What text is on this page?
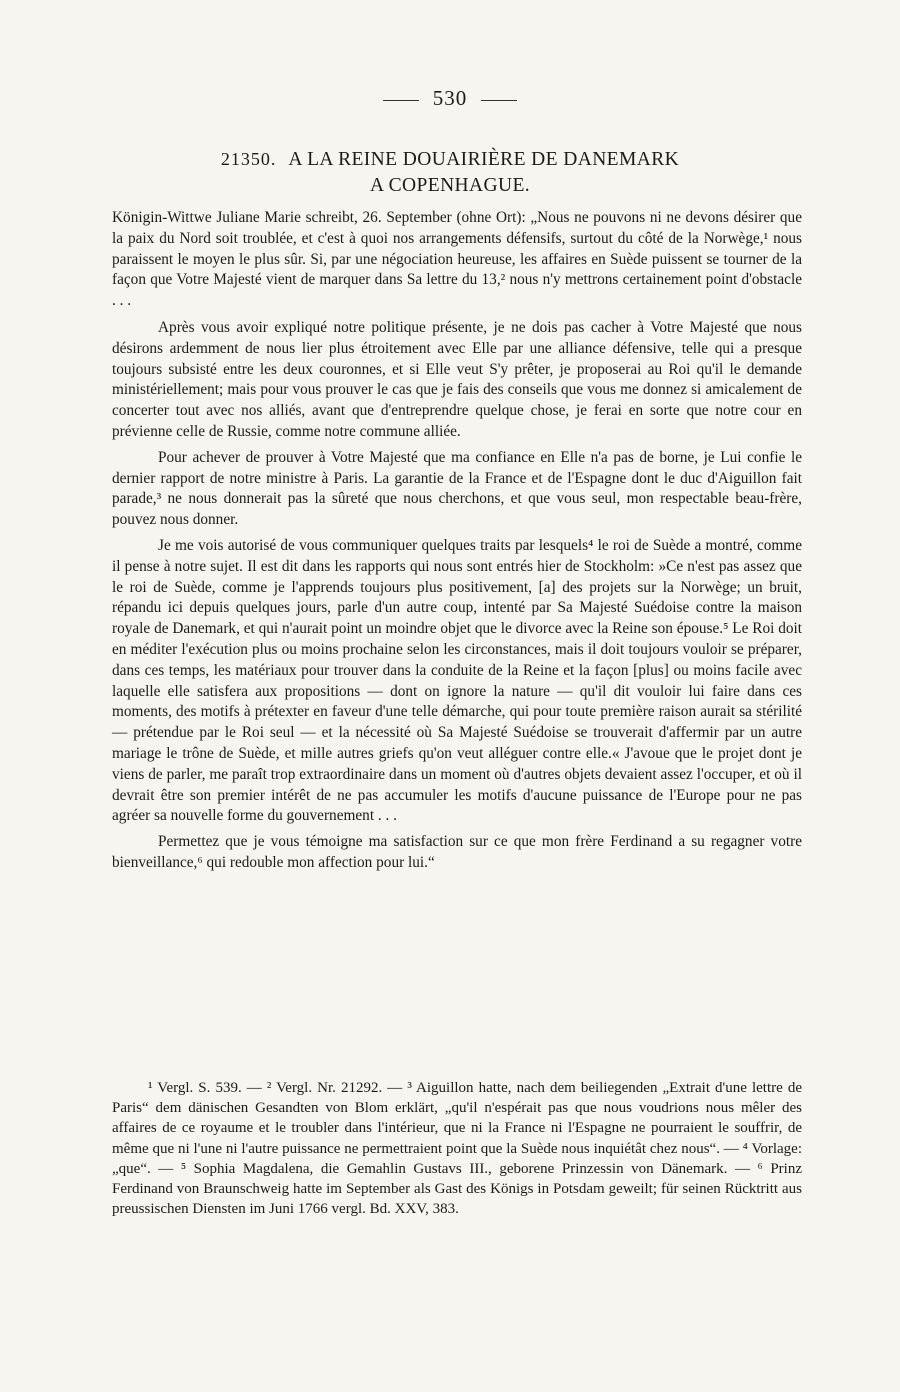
530
21350. A LA REINE DOUAIRIÈRE DE DANEMARK
A COPENHAGUE.

Königin-Wittwe Juliane Marie schreibt, 26. September (ohne Ort): „Nous ne pouvons ni ne devons désirer que la paix du Nord soit troublée, et c'est à quoi nos arrangements défensifs, surtout du côté de la Norwège,¹ nous paraissent le moyen le plus sûr. Si, par une négociation heureuse, les affaires en Suède puissent se tourner de la façon que Votre Majesté vient de marquer dans Sa lettre du 13,² nous n'y mettrons certainement point d'obstacle . . .

Après vous avoir expliqué notre politique présente, je ne dois pas cacher à Votre Majesté que nous désirons ardemment de nous lier plus étroitement avec Elle par une alliance défensive, telle qui a presque toujours subsisté entre les deux couronnes, et si Elle veut S'y prêter, je proposerai au Roi qu'il le demande ministériellement; mais pour vous prouver le cas que je fais des conseils que vous me donnez si amicalement de concerter tout avec nos alliés, avant que d'entreprendre quelque chose, je ferai en sorte que notre cour en prévienne celle de Russie, comme notre commune alliée.

Pour achever de prouver à Votre Majesté que ma confiance en Elle n'a pas de borne, je Lui confie le dernier rapport de notre ministre à Paris. La garantie de la France et de l'Espagne dont le duc d'Aiguillon fait parade,³ ne nous donnerait pas la sûreté que nous cherchons, et que vous seul, mon respectable beau-frère, pouvez nous donner.

Je me vois autorisé de vous communiquer quelques traits par lesquels⁴ le roi de Suède a montré, comme il pense à notre sujet. Il est dit dans les rapports qui nous sont entrés hier de Stockholm: »Ce n'est pas assez que le roi de Suède, comme je l'apprends toujours plus positivement, [a] des projets sur la Norwège; un bruit, répandu ici depuis quelques jours, parle d'un autre coup, intenté par Sa Majesté Suédoise contre la maison royale de Danemark, et qui n'aurait point un moindre objet que le divorce avec la Reine son épouse.⁵ Le Roi doit en méditer l'exécution plus ou moins prochaine selon les circonstances, mais il doit toujours vouloir se préparer, dans ces temps, les matériaux pour trouver dans la conduite de la Reine et la façon [plus] ou moins facile avec laquelle elle satisfera aux propositions — dont on ignore la nature — qu'il dit vouloir lui faire dans ces moments, des motifs à prétexter en faveur d'une telle démarche, qui pour toute première raison aurait sa stérilité — prétendue par le Roi seul — et la nécessité où Sa Majesté Suédoise se trouverait d'affermir par un autre mariage le trône de Suède, et mille autres griefs qu'on veut alléguer contre elle.« J'avoue que le projet dont je viens de parler, me paraît trop extraordinaire dans un moment où d'autres objets devaient assez l'occuper, et où il devrait être son premier intérêt de ne pas accumuler les motifs d'aucune puissance de l'Europe pour ne pas agréer sa nouvelle forme du gouvernement . . .

Permettez que je vous témoigne ma satisfaction sur ce que mon frère Ferdinand a su regagner votre bienveillance,⁶ qui redouble mon affection pour lui.“

¹ Vergl. S. 539. — ² Vergl. Nr. 21292. — ³ Aiguillon hatte, nach dem beiliegenden „Extrait d'une lettre de Paris“ dem dänischen Gesandten von Blom erklärt, „qu'il n'espérait pas que nous voudrions nous mêler des affaires de ce royaume et le troubler dans l'intérieur, que ni la France ni l'Espagne ne pourraient le souffrir, de même que ni l'une ni l'autre puissance ne permettraient point que la Suède nous inquiétât chez nous“. — ⁴ Vorlage: „que“. — ⁵ Sophia Magdalena, die Gemahlin Gustavs III., geborene Prinzessin von Dänemark. — ⁶ Prinz Ferdinand von Braunschweig hatte im September als Gast des Königs in Potsdam geweilt; für seinen Rücktritt aus preussischen Diensten im Juni 1766 vergl. Bd. XXV, 383.
